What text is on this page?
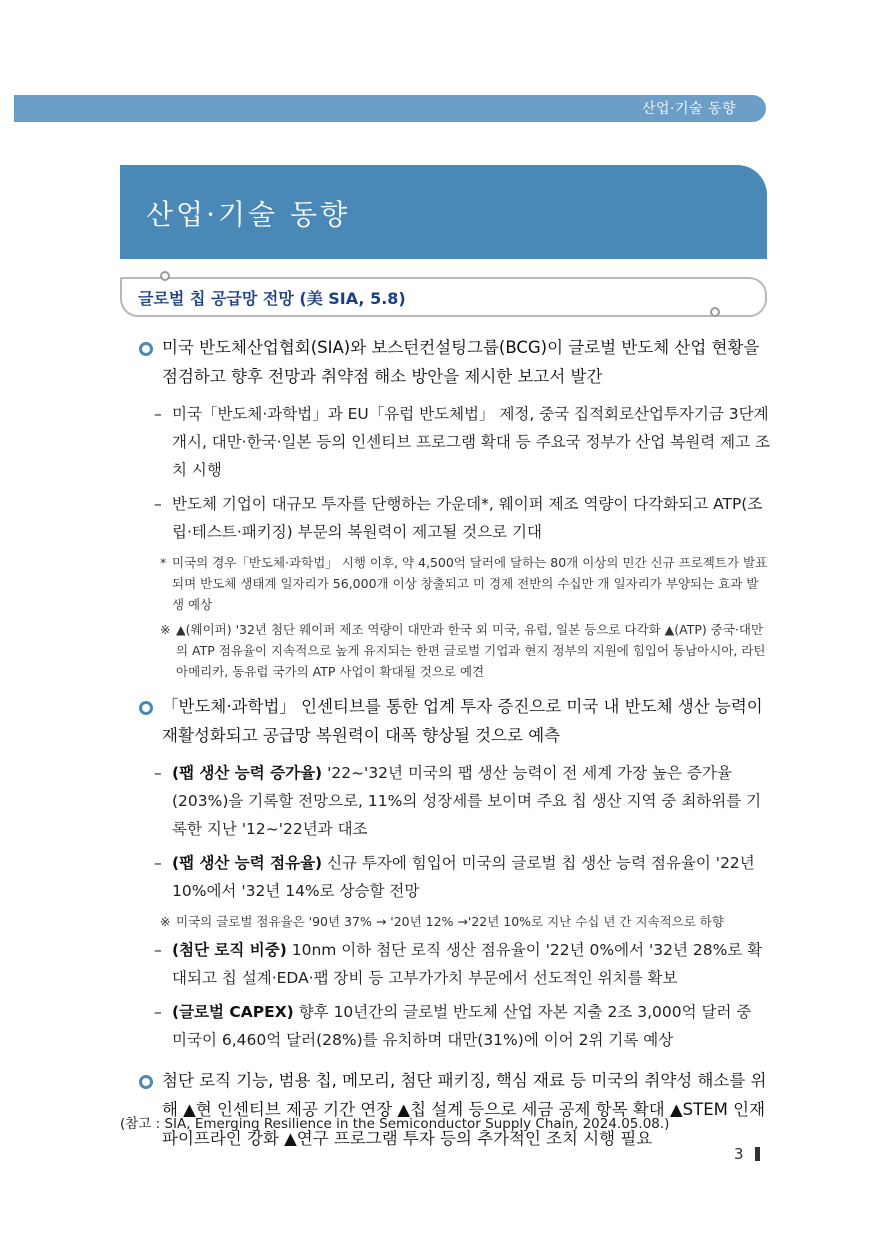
산업·기술 동향
산업·기술 동향
글로벌 칩 공급망 전망 (美 SIA, 5.8)
미국 반도체산업협회(SIA)와 보스턴컨설팅그룹(BCG)이 글로벌 반도체 산업 현황을 점검하고 향후 전망과 취약점 해소 방안을 제시한 보고서 발간
– 미국「반도체·과학법」과 EU「유럽 반도체법」 제정, 중국 집적회로산업투자기금 3단계 개시, 대만·한국·일본 등의 인센티브 프로그램 확대 등 주요국 정부가 산업 복원력 제고 조치 시행
– 반도체 기업이 대규모 투자를 단행하는 가운데*, 웨이퍼 제조 역량이 다각화되고 ATP(조립·테스트·패키징) 부문의 복원력이 제고될 것으로 기대
* 미국의 경우「반도체·과학법」 시행 이후, 약 4,500억 달러에 달하는 80개 이상의 민간 신규 프로젝트가 발표되며 반도체 생태계 일자리가 56,000개 이상 창출되고 미 경제 전반의 수십만 개 일자리가 부양되는 효과 발생 예상
※ ▲(웨이퍼) '32년 첨단 웨이퍼 제조 역량이 대만과 한국 외 미국, 유럽, 일본 등으로 다각화 ▲(ATP) 중국·대만의 ATP 점유율이 지속적으로 높게 유지되는 한편 글로벌 기업과 현지 정부의 지원에 힘입어 동남아시아, 라틴 아메리카, 동유럽 국가의 ATP 사업이 확대될 것으로 예견
「반도체·과학법」 인센티브를 통한 업계 투자 증진으로 미국 내 반도체 생산 능력이 재활성화되고 공급망 복원력이 대폭 향상될 것으로 예측
– (팹 생산 능력 증가율) '22~'32년 미국의 팹 생산 능력이 전 세계 가장 높은 증가율(203%)을 기록할 전망으로, 11%의 성장세를 보이며 주요 칩 생산 지역 중 최하위를 기록한 지난 '12~'22년과 대조
– (팹 생산 능력 점유율) 신규 투자에 힘입어 미국의 글로벌 칩 생산 능력 점유율이 '22년 10%에서 '32년 14%로 상승할 전망
※ 미국의 글로벌 점유율은 '90년 37% → '20년 12% →'22년 10%로 지난 수십 년 간 지속적으로 하향
– (첨단 로직 비중) 10nm 이하 첨단 로직 생산 점유율이 '22년 0%에서 '32년 28%로 확대되고 칩 설계·EDA·팹 장비 등 고부가가치 부문에서 선도적인 위치를 확보
– (글로벌 CAPEX) 향후 10년간의 글로벌 반도체 산업 자본 지출 2조 3,000억 달러 중 미국이 6,460억 달러(28%)를 유치하며 대만(31%)에 이어 2위 기록 예상
첨단 로직 기능, 범용 칩, 메모리, 첨단 패키징, 핵심 재료 등 미국의 취약성 해소를 위해 ▲현 인센티브 제공 기간 연장 ▲칩 설계 등으로 세금 공제 항목 확대 ▲STEM 인재 파이프라인 강화 ▲연구 프로그램 투자 등의 추가적인 조치 시행 필요
(참고 : SIA, Emerging Resilience in the Semiconductor Supply Chain, 2024.05.08.)
3
